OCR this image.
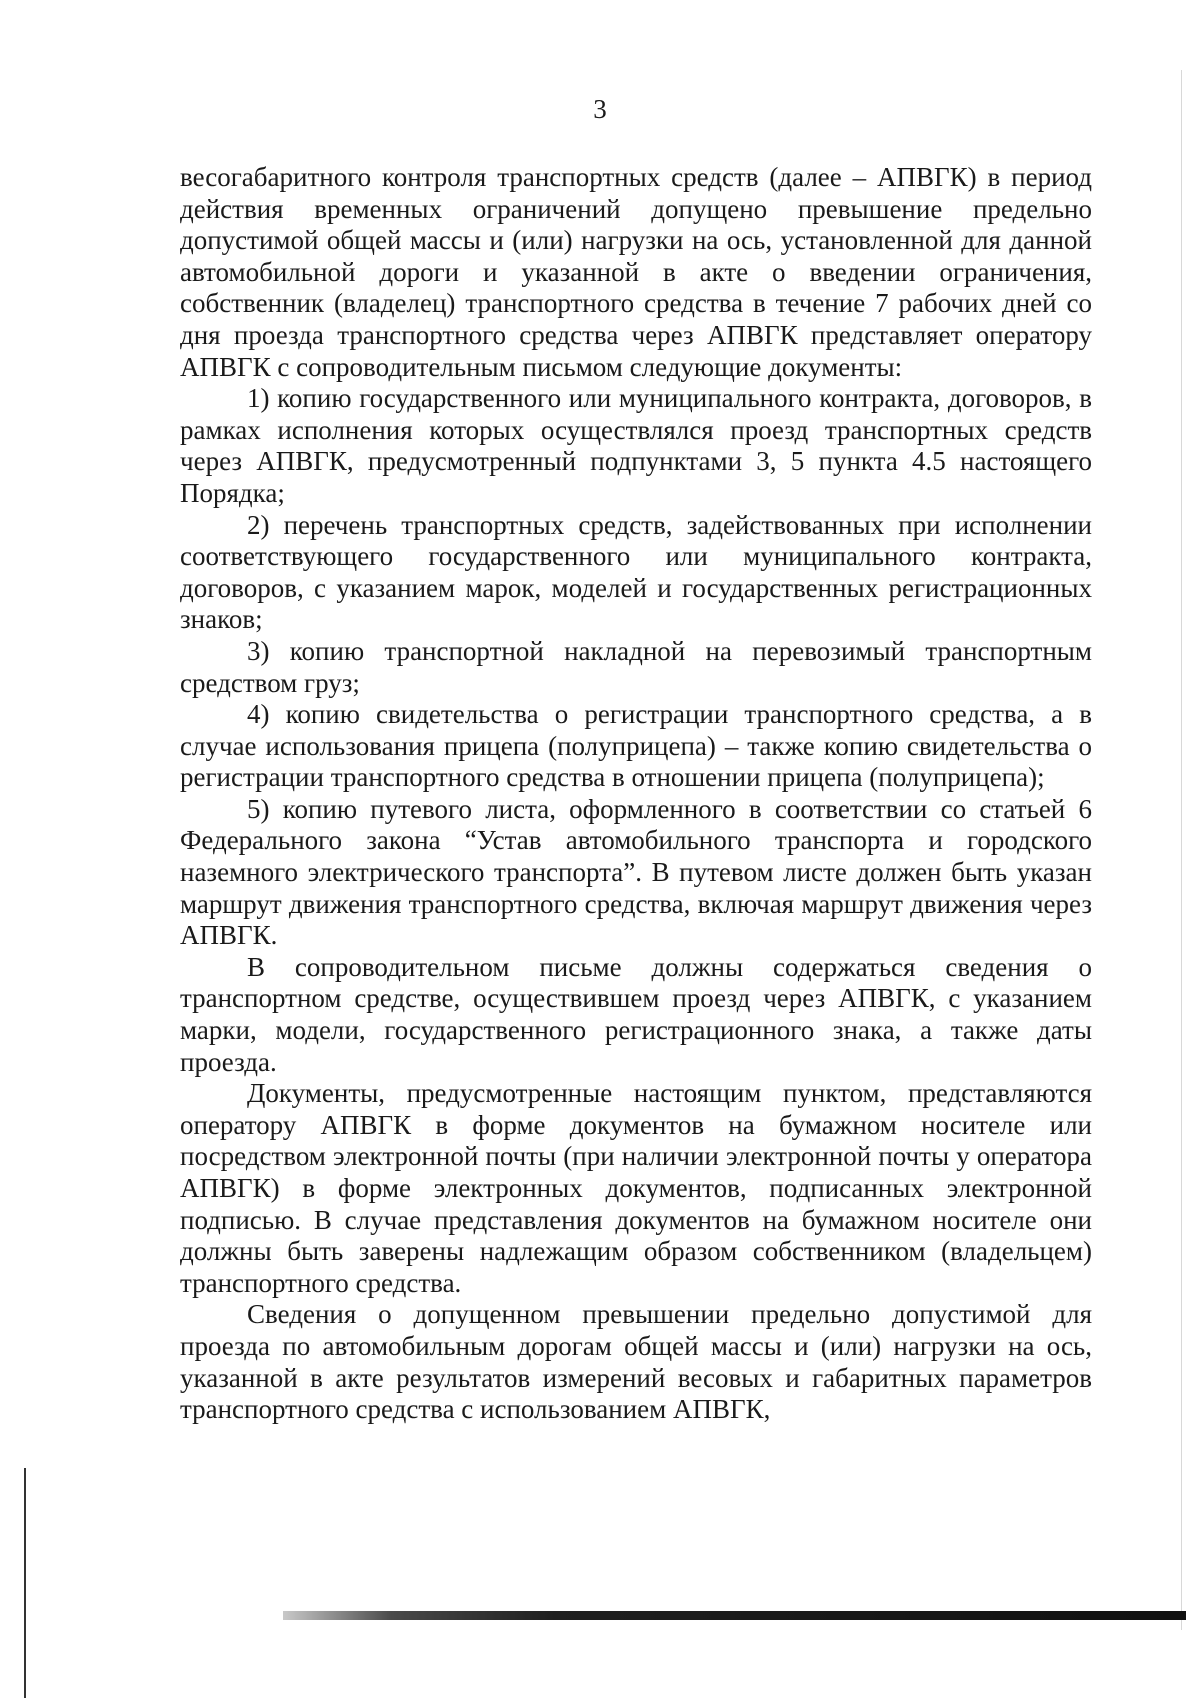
3

весогабаритного контроля транспортных средств (далее – АПВГК) в период действия временных ограничений допущено превышение предельно допустимой общей массы и (или) нагрузки на ось, установленной для данной автомобильной дороги и указанной в акте о введении ограничения, собственник (владелец) транспортного средства в течение 7 рабочих дней со дня проезда транспортного средства через АПВГК представляет оператору АПВГК с сопроводительным письмом следующие документы:

1) копию государственного или муниципального контракта, договоров, в рамках исполнения которых осуществлялся проезд транспортных средств через АПВГК, предусмотренный подпунктами 3, 5 пункта 4.5 настоящего Порядка;

2) перечень транспортных средств, задействованных при исполнении соответствующего государственного или муниципального контракта, договоров, с указанием марок, моделей и государственных регистрационных знаков;

3) копию транспортной накладной на перевозимый транспортным средством груз;

4) копию свидетельства о регистрации транспортного средства, а в случае использования прицепа (полуприцепа) – также копию свидетельства о регистрации транспортного средства в отношении прицепа (полуприцепа);

5) копию путевого листа, оформленного в соответствии со статьей 6 Федерального закона “Устав автомобильного транспорта и городского наземного электрического транспорта”. В путевом листе должен быть указан маршрут движения транспортного средства, включая маршрут движения через АПВГК.

В сопроводительном письме должны содержаться сведения о транспортном средстве, осуществившем проезд через АПВГК, с указанием марки, модели, государственного регистрационного знака, а также даты проезда.

Документы, предусмотренные настоящим пунктом, представляются оператору АПВГК в форме документов на бумажном носителе или посредством электронной почты (при наличии электронной почты у оператора АПВГК) в форме электронных документов, подписанных электронной подписью. В случае представления документов на бумажном носителе они должны быть заверены надлежащим образом собственником (владельцем) транспортного средства.

Сведения о допущенном превышении предельно допустимой для проезда по автомобильным дорогам общей массы и (или) нагрузки на ось, указанной в акте результатов измерений весовых и габаритных параметров транспортного средства с использованием АПВГК,
